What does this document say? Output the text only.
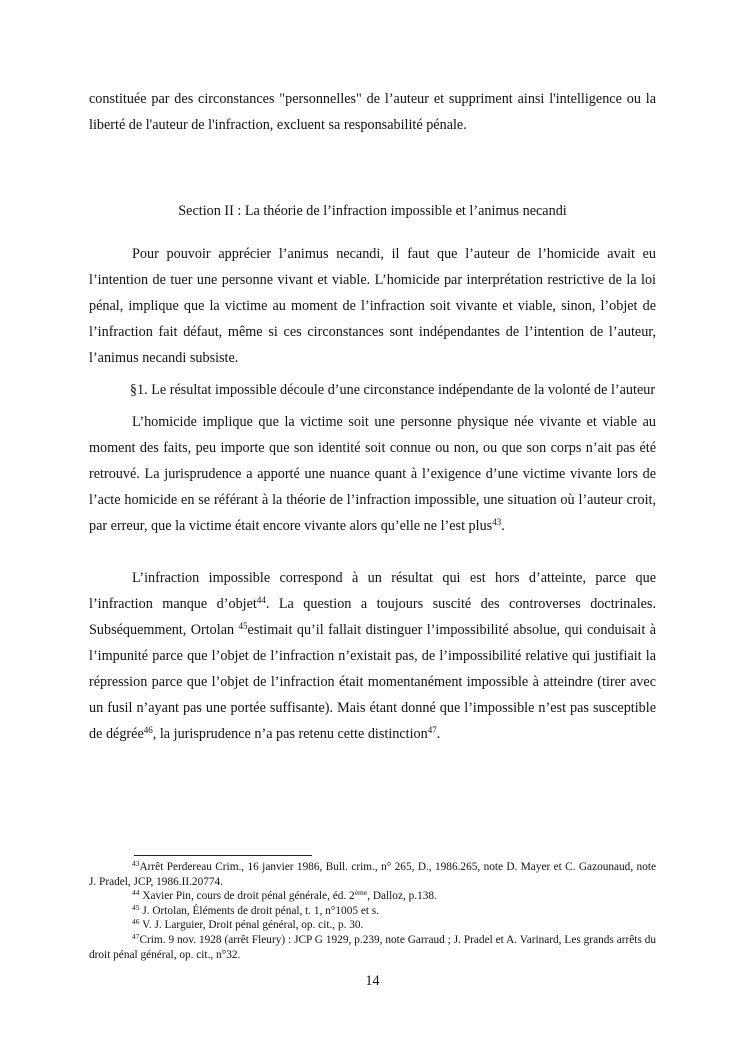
constituée par des circonstances "personnelles" de l’auteur et suppriment ainsi l'intelligence ou la liberté de l'auteur de l'infraction, excluent sa responsabilité pénale.

Section II : La théorie de l’infraction impossible et l’animus necandi

Pour pouvoir apprécier l’animus necandi, il faut que l’auteur de l’homicide avait eu l’intention de tuer une personne vivant et viable. L’homicide par interprétation restrictive de la loi pénal, implique que la victime au moment de l’infraction soit vivante et viable, sinon, l’objet de l’infraction fait défaut, même si ces circonstances sont indépendantes de l’intention de l’auteur, l’animus necandi subsiste.

§1. Le résultat impossible découle d’une circonstance indépendante de la volonté de l’auteur

L’homicide implique que la victime soit une personne physique née vivante et viable au moment des faits, peu importe que son identité soit connue ou non, ou que son corps n’ait pas été retrouvé. La jurisprudence a apporté une nuance quant à l’exigence d’une victime vivante lors de l’acte homicide en se référant à la théorie de l’infraction impossible, une situation où l’auteur croit, par erreur, que la victime était encore vivante alors qu’elle ne l’est plus$^{43}$.

L’infraction impossible correspond à un résultat qui est hors d’atteinte, parce que l’infraction manque d’objet$^{44}$. La question a toujours suscité des controverses doctrinales. Subséquemment, Ortolan $^{45}$estimait qu’il fallait distinguer l’impossibilité absolue, qui conduisait à l’impunité parce que l’objet de l’infraction n’existait pas, de l’impossibilité relative qui justifiait la répression parce que l’objet de l’infraction était momentanément impossible à atteindre (tirer avec un fusil n’ayant pas une portée suffisante). Mais étant donné que l’impossible n’est pas susceptible de dégrée$^{46}$, la jurisprudence n’a pas retenu cette distinction$^{47}$.

$^{43}$Arrêt Perdereau Crim., 16 janvier 1986, Bull. crim., n° 265, D., 1986.265, note D. Mayer et C. Gazounaud, note J. Pradel, JCP, 1986.II.20774.

$^{44}$ Xavier Pin, cours de droit pénal générale, éd. 2ème, Dalloz, p.138.

$^{45}$ J. Ortolan, Éléments de droit pénal, t. 1, n°1005 et s.

$^{46}$ V. J. Larguier, Droit pénal général, op. cit., p. 30.

$^{47}$Crim. 9 nov. 1928 (arrêt Fleury) : JCP G 1929, p.239, note Garraud ; J. Pradel et A. Varinard, Les grands arrêts du droit pénal général, op. cit., n°32.

14
